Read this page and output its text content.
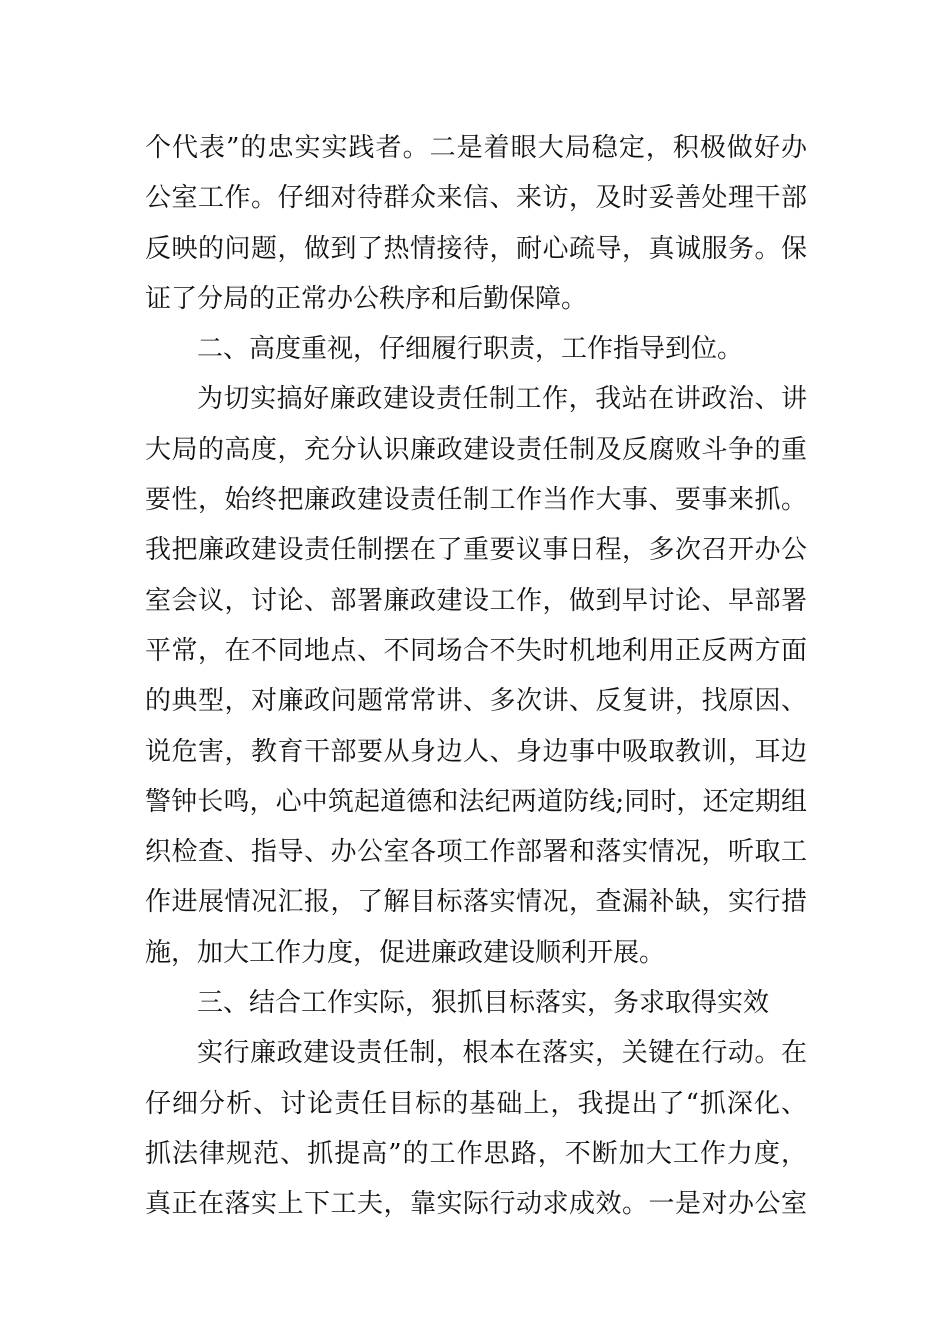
个代表”的忠实实践者。二是着眼大局稳定，积极做好办
公室工作。仔细对待群众来信、来访，及时妥善处理干部
反映的问题，做到了热情接待，耐心疏导，真诚服务。保
证了分局的正常办公秩序和后勤保障。
二、高度重视，仔细履行职责，工作指导到位。
为切实搞好廉政建设责任制工作，我站在讲政治、讲
大局的高度，充分认识廉政建设责任制及反腐败斗争的重
要性，始终把廉政建设责任制工作当作大事、要事来抓。
我把廉政建设责任制摆在了重要议事日程，多次召开办公
室会议，讨论、部署廉政建设工作，做到早讨论、早部署
平常，在不同地点、不同场合不失时机地利用正反两方面
的典型，对廉政问题常常讲、多次讲、反复讲，找原因、
说危害，教育干部要从身边人、身边事中吸取教训，耳边
警钟长鸣，心中筑起道德和法纪两道防线;同时，还定期组
织检查、指导、办公室各项工作部署和落实情况，听取工
作进展情况汇报，了解目标落实情况，查漏补缺，实行措
施，加大工作力度，促进廉政建设顺利开展。
三、结合工作实际，狠抓目标落实，务求取得实效
实行廉政建设责任制，根本在落实，关键在行动。在
仔细分析、讨论责任目标的基础上，我提出了“抓深化、
抓法律规范、抓提高”的工作思路，不断加大工作力度，
真正在落实上下工夫，靠实际行动求成效。一是对办公室
